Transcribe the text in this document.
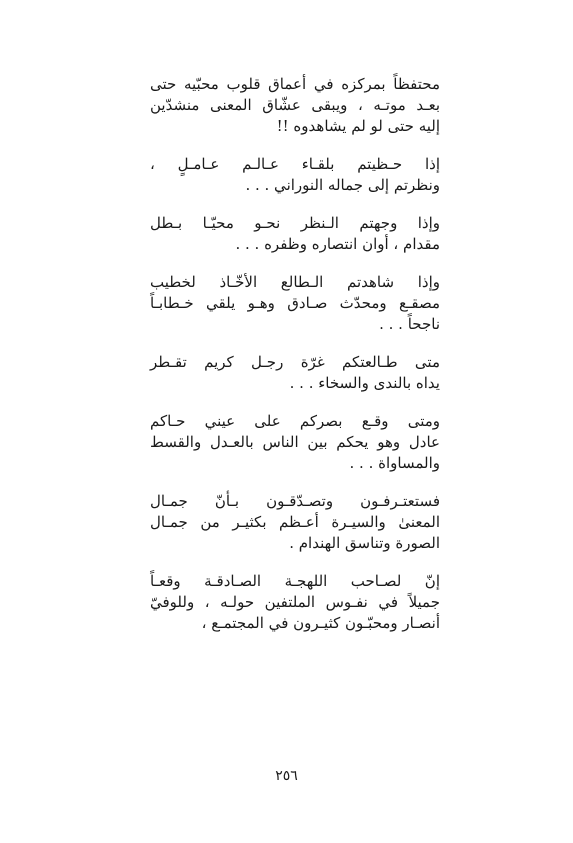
محتفظاً بمركزه في أعماق قلوب محبّيه حتى
بعـد موتـه ، ويبقى عشّاق المعنى منشدّين
إليه حتى لو لم يشاهدوه !!
إذا حـظيتم بلقـاء عـالـم عـامـلٍ ،
ونظرتم إلى جماله النوراني . . .
وإذا وجهتم الـنظر نحـو محيّـا بـطل
مقدام ، أوان انتصاره وظفره . . .
وإذا شاهدتم الـطالع الأخّـاذ لخطيب
مصقـع ومحدّث صـادق وهـو يلقي خـطابـاً
ناجحاً . . .
متى طـالعتكم غرّة رجـل كريم تقـطر
يداه بالندى والسخاء . . .
ومتى وقـع بصركم على عيني حـاكم
عادل وهو يحكم بين الناس بالعـدل والقسط
والمساواة . . .
فستعتـرفـون وتصـدّقـون بـأنّ جمـال
المعنىٰ والسيـرة أعـظم بكثيـر من جمـال
الصورة وتناسق الهندام .
إنّ لصـاحب اللهجـة الصـادقـة وقعـاً
جميلاً في نفـوس الملتفين حولـه ، وللوفيّ
أنصـار ومحبّـون كثيـرون في المجتمـع ،
٢٥٦
